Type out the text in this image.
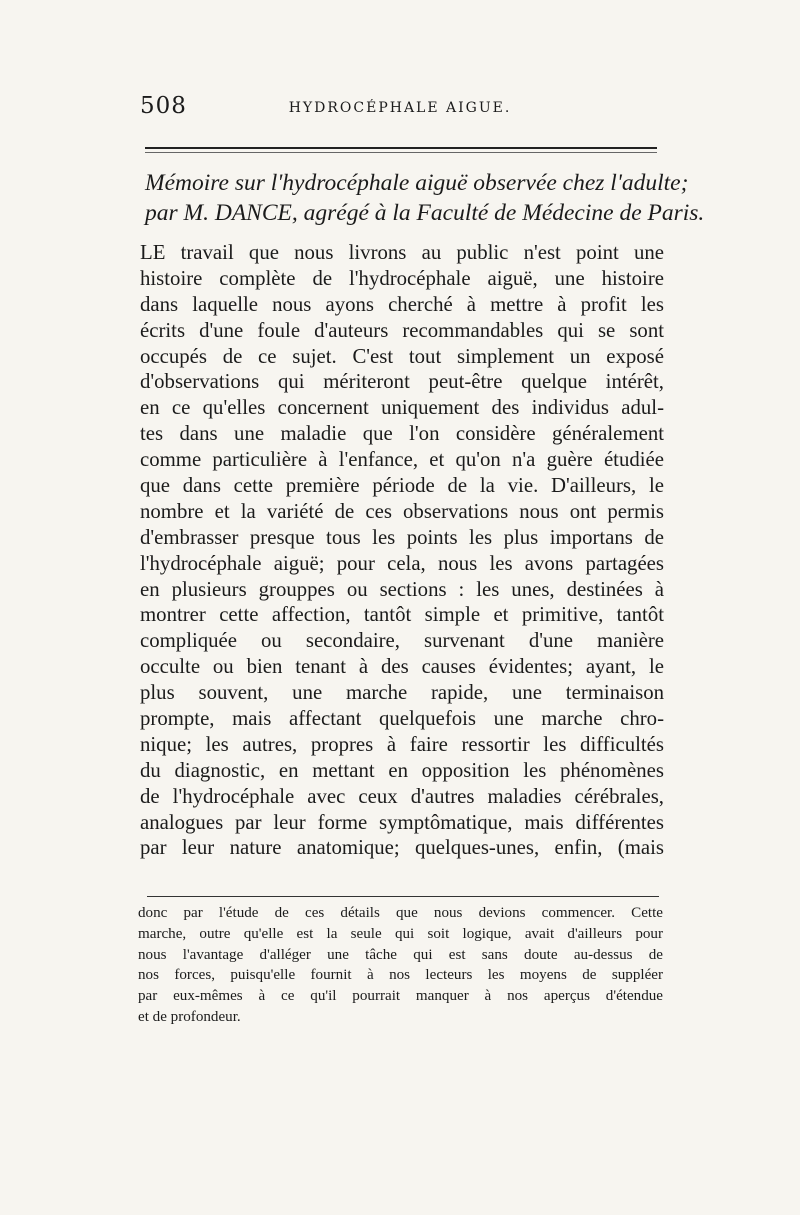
508	HYDROCÉPHALE AIGUE.
Mémoire sur l'hydrocéphale aiguë observée chez l'adulte;
par M. DANCE, agrégé à la Faculté de Médecine de Paris.
LE travail que nous livrons au public n'est point une
histoire complète de l'hydrocéphale aiguë, une histoire
dans laquelle nous ayons cherché à mettre à profit les
écrits d'une foule d'auteurs recommandables qui se sont
occupés de ce sujet. C'est tout simplement un exposé
d'observations qui mériteront peut-être quelque intérêt,
en ce qu'elles concernent uniquement des individus adul-
tes dans une maladie que l'on considère généralement
comme particulière à l'enfance, et qu'on n'a guère étudiée
que dans cette première période de la vie. D'ailleurs, le
nombre et la variété de ces observations nous ont permis
d'embrasser presque tous les points les plus importans de
l'hydrocéphale aiguë; pour cela, nous les avons partagées
en plusieurs grouppes ou sections : les unes, destinées à
montrer cette affection, tantôt simple et primitive, tantôt
compliquée ou secondaire, survenant d'une manière
occulte ou bien tenant à des causes évidentes; ayant, le
plus souvent, une marche rapide, une terminaison
prompte, mais affectant quelquefois une marche chro-
nique; les autres, propres à faire ressortir les difficultés
du diagnostic, en mettant en opposition les phénomènes
de l'hydrocéphale avec ceux d'autres maladies cérébrales,
analogues par leur forme symptômatique, mais différentes
par leur nature anatomique; quelques-unes, enfin, (mais
donc par l'étude de ces détails que nous devions commencer. Cette
marche, outre qu'elle est la seule qui soit logique, avait d'ailleurs pour
nous l'avantage d'alléger une tâche qui est sans doute au-dessus de
nos forces, puisqu'elle fournit à nos lecteurs les moyens de suppléer
par eux-mêmes à ce qu'il pourrait manquer à nos aperçus d'étendue
et de profondeur.
